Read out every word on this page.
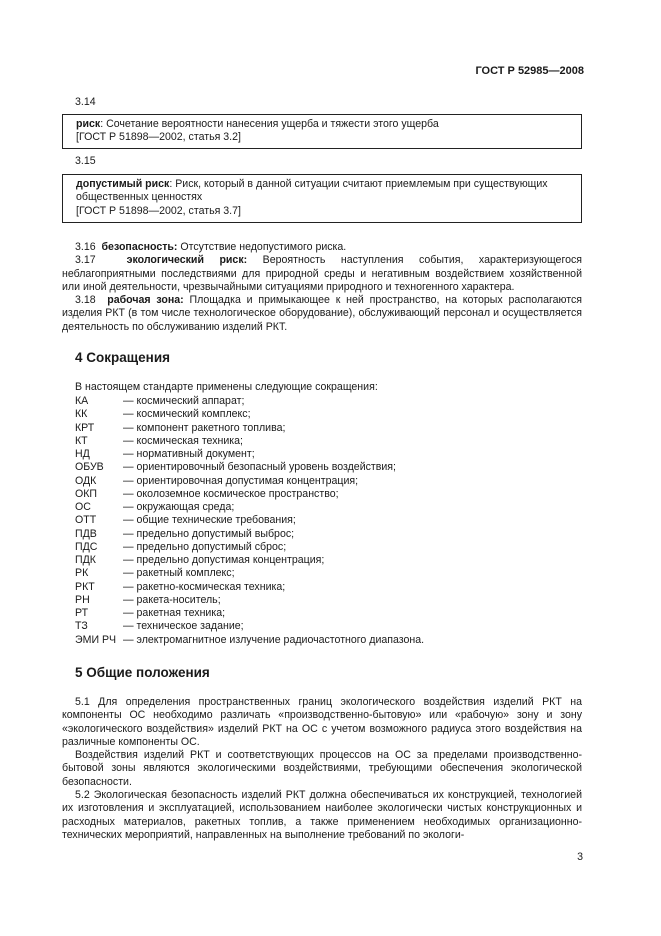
ГОСТ Р 52985—2008
3.14
риск: Сочетание вероятности нанесения ущерба и тяжести этого ущерба
[ГОСТ Р 51898—2002, статья 3.2]
3.15
допустимый риск: Риск, который в данной ситуации считают приемлемым при существующих общественных ценностях
[ГОСТ Р 51898—2002, статья 3.7]

3.16 безопасность: Отсутствие недопустимого риска.

3.17	экологический риск: Вероятность наступления события, характеризующегося неблагоприятными последствиями для природной среды и негативным воздействием хозяйственной или иной деятельности, чрезвычайными ситуациями природного и техногенного характера.

3.18 рабочая зона: Площадка и примыкающее к ней пространство, на которых располагаются изделия РКТ (в том числе технологическое оборудование), обслуживающий персонал и осуществляется деятельность по обслуживанию изделий РКТ.

4 Сокращения
В настоящем стандарте применены следующие сокращения:
КА	— космический аппарат;
КК	— космический комплекс;
КРТ	— компонент ракетного топлива;
КТ	— космическая техника;
НД	— нормативный документ;
ОБУВ	— ориентировочный безопасный уровень воздействия;
ОДК	— ориентировочная допустимая концентрация;
ОКП	— околоземное космическое пространство;
ОС	— окружающая среда;
ОТТ	— общие технические требования;
ПДВ	— предельно допустимый выброс;
ПДС	— предельно допустимый сброс;
ПДК	— предельно допустимая концентрация;
РК	— ракетный комплекс;
РКТ	— ракетно-космическая техника;
РН	— ракета-носитель;
РТ	— ракетная техника;
ТЗ	— техническое задание;
ЭМИ РЧ — электромагнитное излучение радиочастотного диапазона.
5 Общие положения

5.1 Для определения пространственных границ экологического воздействия изделий РКТ на компоненты ОС необходимо различать «производственно-бытовую» или «рабочую» зону и зону «экологического воздействия» изделий РКТ на ОС с учетом возможного радиуса этого воздействия на различные компоненты ОС.

Воздействия изделий РКТ и соответствующих процессов на ОС за пределами производственно-бытовой зоны являются экологическими воздействиями, требующими обеспечения экологической безопасности.

5.2 Экологическая безопасность изделий РКТ должна обеспечиваться их конструкцией, технологией их изготовления и эксплуатацией, использованием наиболее экологически чистых конструкционных и расходных материалов, ракетных топлив, а также применением необходимых организационно-технических мероприятий, направленных на выполнение требований по экологи-

3
